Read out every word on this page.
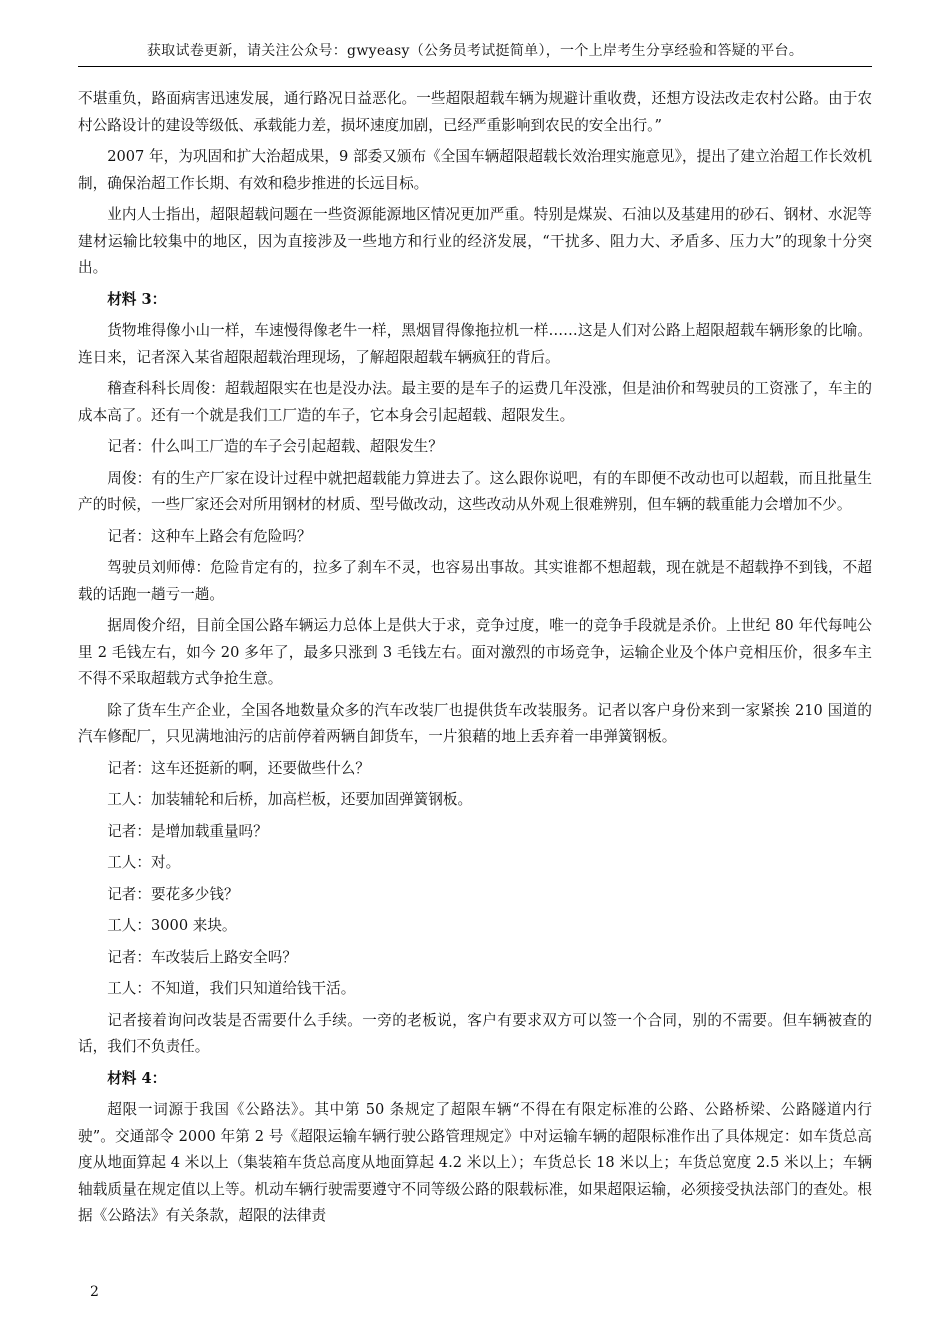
获取试卷更新，请关注公众号：gwyeasy（公务员考试挺简单），一个上岸考生分享经验和答疑的平台。

不堪重负，路面病害迅速发展，通行路况日益恶化。一些超限超载车辆为规避计重收费，还想方设法改走农村公路。由于农村公路设计的建设等级低、承载能力差，损坏速度加剧，已经严重影响到农民的安全出行。”

2007 年，为巩固和扩大治超成果，9 部委又颁布《全国车辆超限超载长效治理实施意见》，提出了建立治超工作长效机制，确保治超工作长期、有效和稳步推进的长远目标。

业内人士指出，超限超载问题在一些资源能源地区情况更加严重。特别是煤炭、石油以及基建用的砂石、钢材、水泥等建材运输比较集中的地区，因为直接涉及一些地方和行业的经济发展，“干扰多、阻力大、矛盾多、压力大”的现象十分突出。

材料 3：

货物堆得像小山一样，车速慢得像老牛一样，黑烟冒得像拖拉机一样……这是人们对公路上超限超载车辆形象的比喻。连日来，记者深入某省超限超载治理现场，了解超限超载车辆疯狂的背后。

稽查科科长周俊：超载超限实在也是没办法。最主要的是车子的运费几年没涨，但是油价和驾驶员的工资涨了，车主的成本高了。还有一个就是我们工厂造的车子，它本身会引起超载、超限发生。

记者：什么叫工厂造的车子会引起超载、超限发生？

周俊：有的生产厂家在设计过程中就把超载能力算进去了。这么跟你说吧，有的车即便不改动也可以超载，而且批量生产的时候，一些厂家还会对所用钢材的材质、型号做改动，这些改动从外观上很难辨别，但车辆的载重能力会增加不少。

记者：这种车上路会有危险吗？

驾驶员刘师傅：危险肯定有的，拉多了刹车不灵，也容易出事故。其实谁都不想超载，现在就是不超载挣不到钱，不超载的话跑一趟亏一趟。

据周俊介绍，目前全国公路车辆运力总体上是供大于求，竞争过度，唯一的竞争手段就是杀价。上世纪 80 年代每吨公里 2 毛钱左右，如今 20 多年了，最多只涨到 3 毛钱左右。面对激烈的市场竞争，运输企业及个体户竞相压价，很多车主不得不采取超载方式争抢生意。

除了货车生产企业，全国各地数量众多的汽车改装厂也提供货车改装服务。记者以客户身份来到一家紧挨 210 国道的汽车修配厂，只见满地油污的店前停着两辆自卸货车，一片狼藉的地上丢弃着一串弹簧钢板。

记者：这车还挺新的啊，还要做些什么？

工人：加装辅轮和后桥，加高栏板，还要加固弹簧钢板。

记者：是增加载重量吗？

工人：对。

记者：要花多少钱？

工人：3000 来块。

记者：车改装后上路安全吗？

工人：不知道，我们只知道给钱干活。

记者接着询问改装是否需要什么手续。一旁的老板说，客户有要求双方可以签一个合同，别的不需要。但车辆被查的话，我们不负责任。

材料 4：

超限一词源于我国《公路法》。其中第 50 条规定了超限车辆“不得在有限定标准的公路、公路桥梁、公路隧道内行驶”。交通部令 2000 年第 2 号《超限运输车辆行驶公路管理规定》中对运输车辆的超限标准作出了具体规定：如车货总高度从地面算起 4 米以上（集装箱车货总高度从地面算起 4.2 米以上）；车货总长 18 米以上；车货总宽度 2.5 米以上；车辆轴载质量在规定值以上等。机动车辆行驶需要遵守不同等级公路的限载标准，如果超限运输，必须接受执法部门的查处。根据《公路法》有关条款，超限的法律责

2
